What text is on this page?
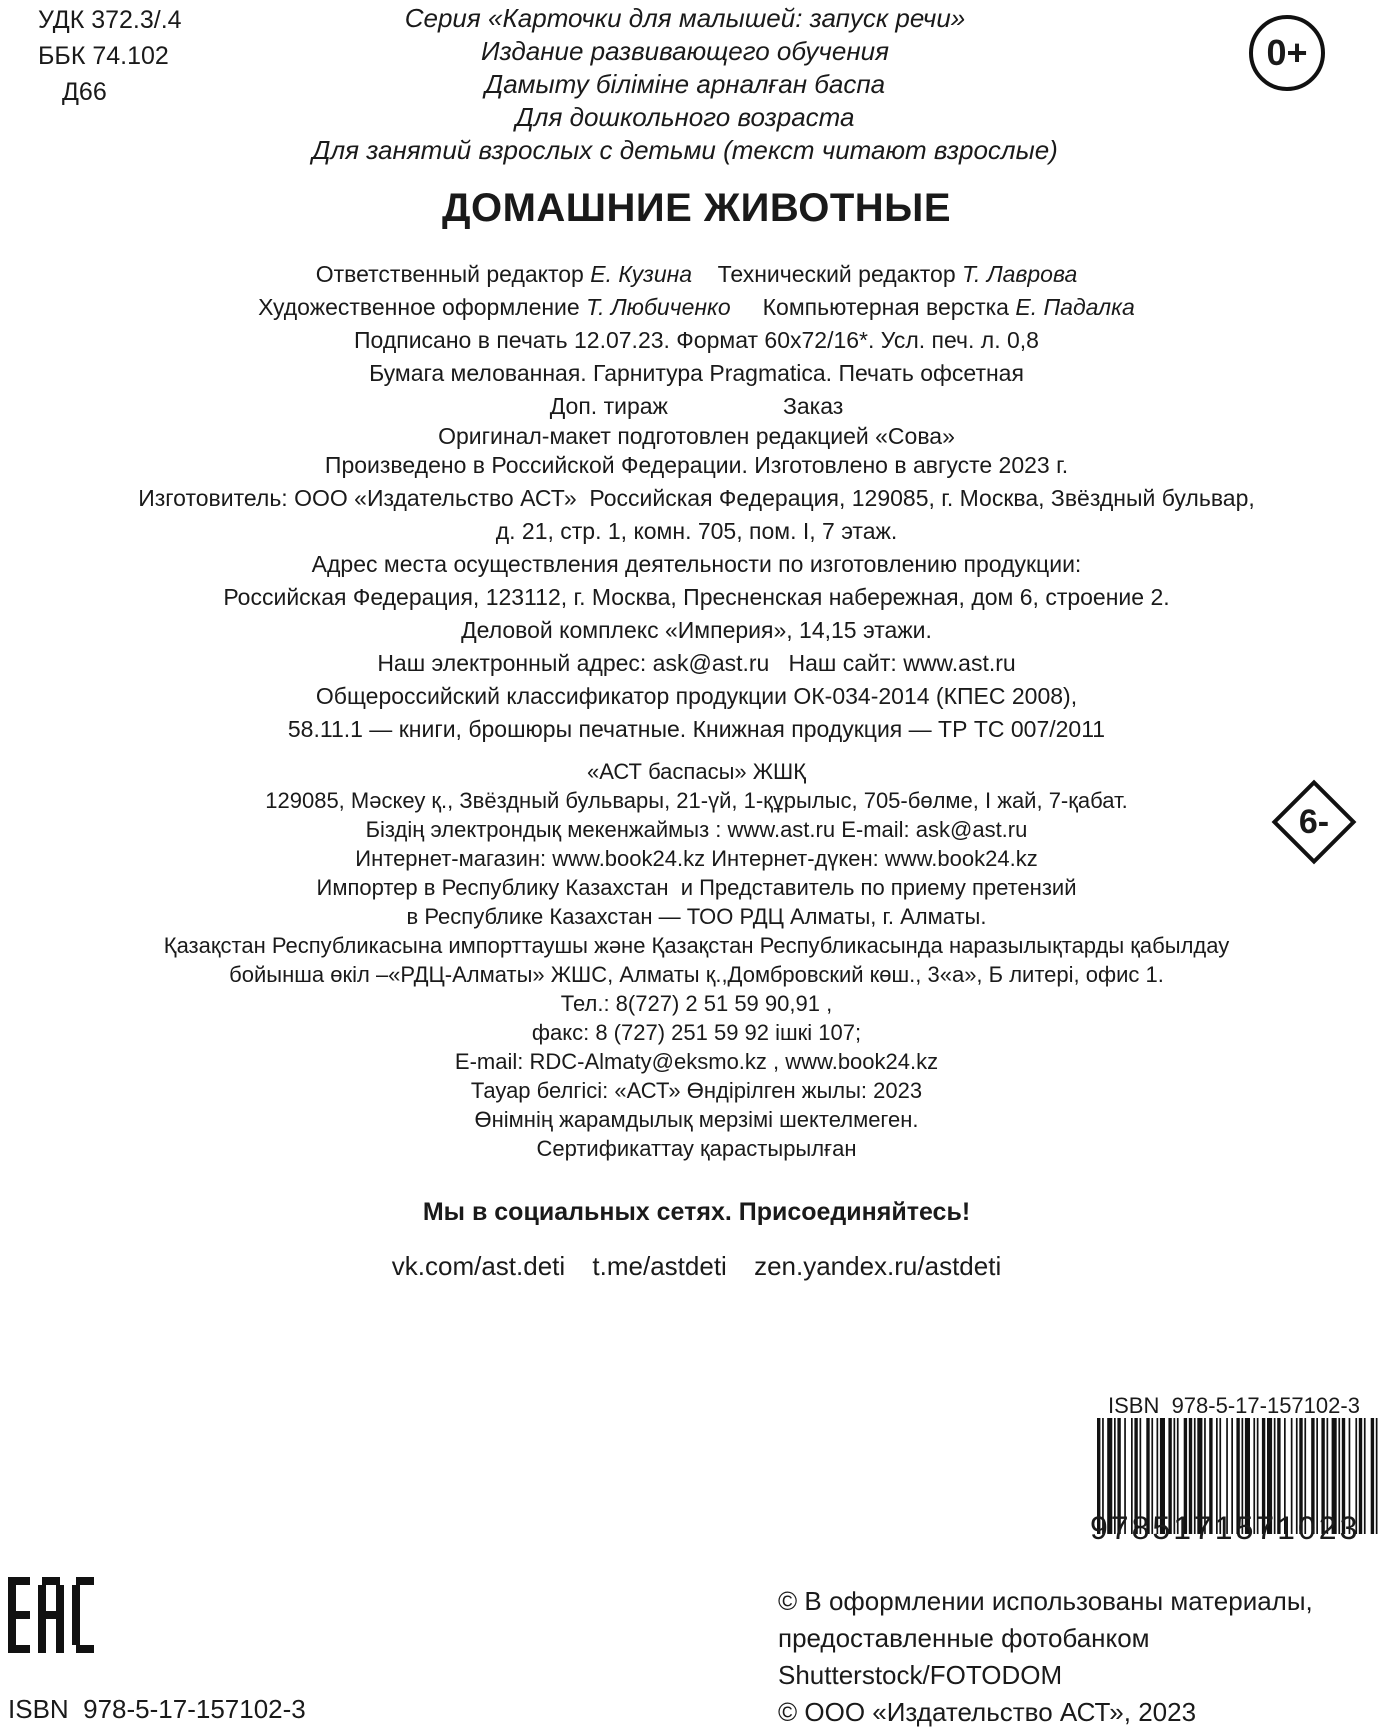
УДК 372.3/.4
ББК 74.102
Д66
Серия «Карточки для малышей: запуск речи»
Издание развивающего обучения
Дамыту біліміне арналған баспа
Для дошкольного возраста
Для занятий взрослых с детьми (текст читают взрослые)
0+
ДОМАШНИЕ ЖИВОТНЫЕ
Ответственный редактор Е. Кузина Технический редактор Т. Лаврова
Художественное оформление Т. Любиченко Компьютерная верстка Е. Падалка
Подписано в печать 12.07.23. Формат 60x72/16*. Усл. печ. л. 0,8
Бумага мелованная. Гарнитура Pragmatica. Печать офсетная
Доп. тираж                  Заказ
Оригинал-макет подготовлен редакцией «Сова»
Произведено в Российской Федерации. Изготовлено в августе 2023 г.
Изготовитель: ООО «Издательство АСТ»  Российская Федерация, 129085, г. Москва, Звёздный бульвар,
д. 21, стр. 1, комн. 705, пом. I, 7 этаж.
Адрес места осуществления деятельности по изготовлению продукции:
Российская Федерация, 123112, г. Москва, Пресненская набережная, дом 6, строение 2.
Деловой комплекс «Империя», 14,15 этажи.
Наш электронный адрес: ask@ast.ru   Наш сайт: www.ast.ru
Общероссийский классификатор продукции ОК-034-2014 (КПЕС 2008),
58.11.1 — книги, брошюры печатные. Книжная продукция — ТР ТС 007/2011
«АСТ баспасы» ЖШҚ
129085, Мәскеу қ., Звёздный бульвары, 21-үй, 1-құрылыс, 705-бөлме, I жай, 7-қабат.
Біздің электрондық мекенжаймыз : www.ast.ru E-mail: ask@ast.ru
Интернет-магазин: www.book24.kz Интернет-дүкен: www.book24.kz
Импортер в Республику Казахстан  и Представитель по приему претензий
в Республике Казахстан — ТОО РДЦ Алматы, г. Алматы.
Қазақстан Республикасына импорттаушы және Қазақстан Республикасында наразылықтарды қабылдау
бойынша өкіл –«РДЦ-Алматы» ЖШС, Алматы қ.,Домбровский көш., 3«а», Б литері, офис 1.
Тел.: 8(727) 2 51 59 90,91 ,
факс: 8 (727) 251 59 92 ішкі 107;
E-mail: RDC-Almaty@eksmo.kz , www.book24.kz
Тауар белгісі: «АСТ» Өндірілген жылы: 2023
Өнімнің жарамдылық мерзімі шектелмеген.
Сертификаттау қарастырылған
6-
Мы в социальных сетях. Присоединяйтесь!
vk.com/ast.deti t.me/astdeti zen.yandex.ru/astdeti
ISBN  978-5-17-157102-3
9785171571023
ISBN  978-5-17-157102-3
© В оформлении использованы материалы,
предоставленные фотобанком
Shutterstock/FOTODOM
© ООО «Издательство АСТ», 2023
